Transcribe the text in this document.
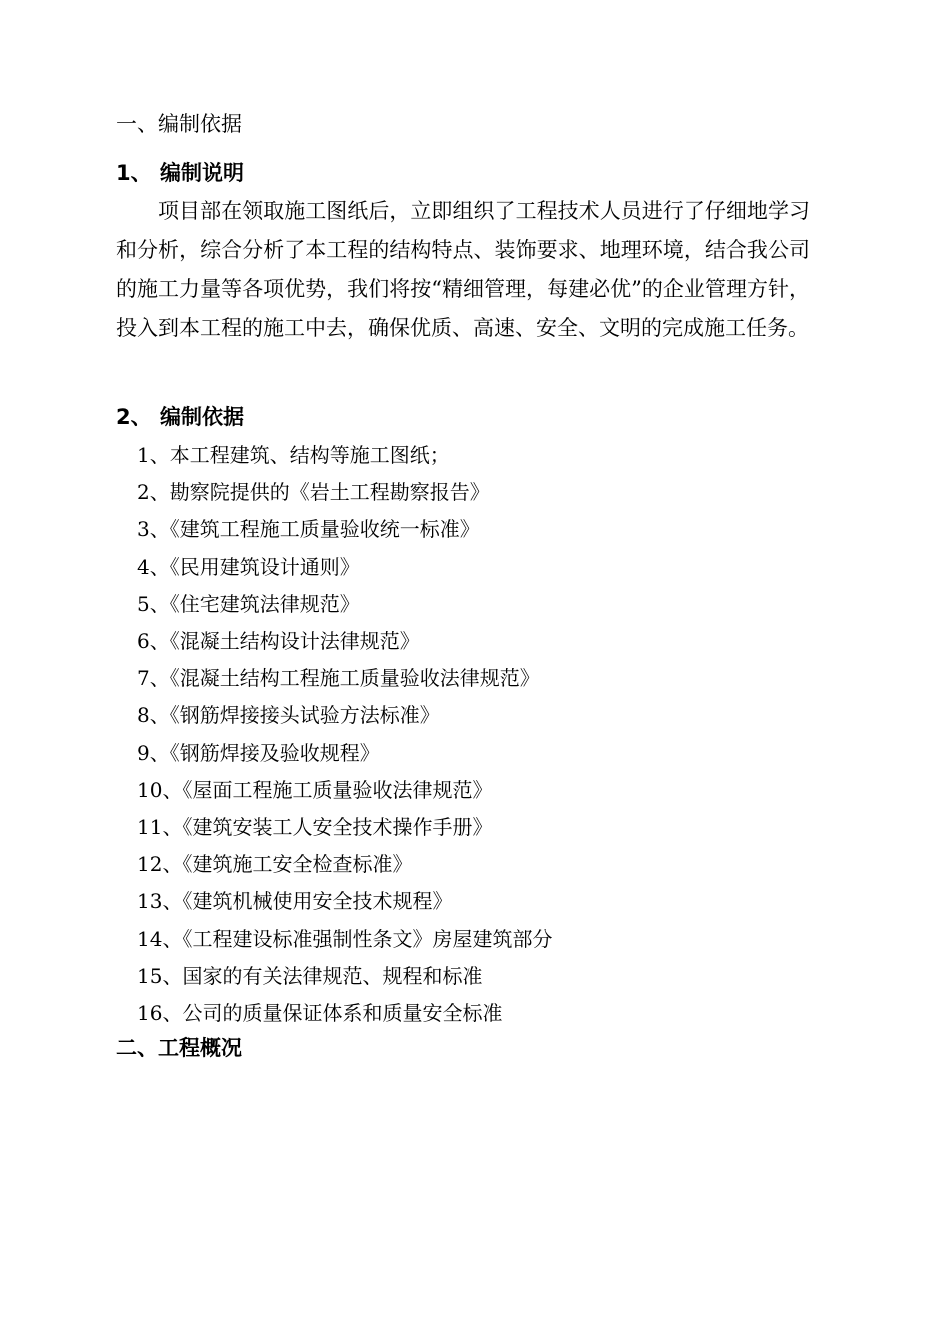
一、编制依据
1、 编制说明
项目部在领取施工图纸后，立即组织了工程技术人员进行了仔细地学习和分析，综合分析了本工程的结构特点、装饰要求、地理环境，结合我公司的施工力量等各项优势，我们将按“精细管理，每建必优”的企业管理方针，投入到本工程的施工中去，确保优质、高速、安全、文明的完成施工任务。
2、 编制依据
1、本工程建筑、结构等施工图纸；
2、勘察院提供的《岩土工程勘察报告》
3、《建筑工程施工质量验收统一标准》
4、《民用建筑设计通则》
5、《住宅建筑法律规范》
6、《混凝土结构设计法律规范》
7、《混凝土结构工程施工质量验收法律规范》
8、《钢筋焊接接头试验方法标准》
9、《钢筋焊接及验收规程》
10、《屋面工程施工质量验收法律规范》
11、《建筑安装工人安全技术操作手册》
12、《建筑施工安全检查标准》
13、《建筑机械使用安全技术规程》
14、《工程建设标准强制性条文》房屋建筑部分
15、国家的有关法律规范、规程和标准
16、公司的质量保证体系和质量安全标准
二、工程概况
